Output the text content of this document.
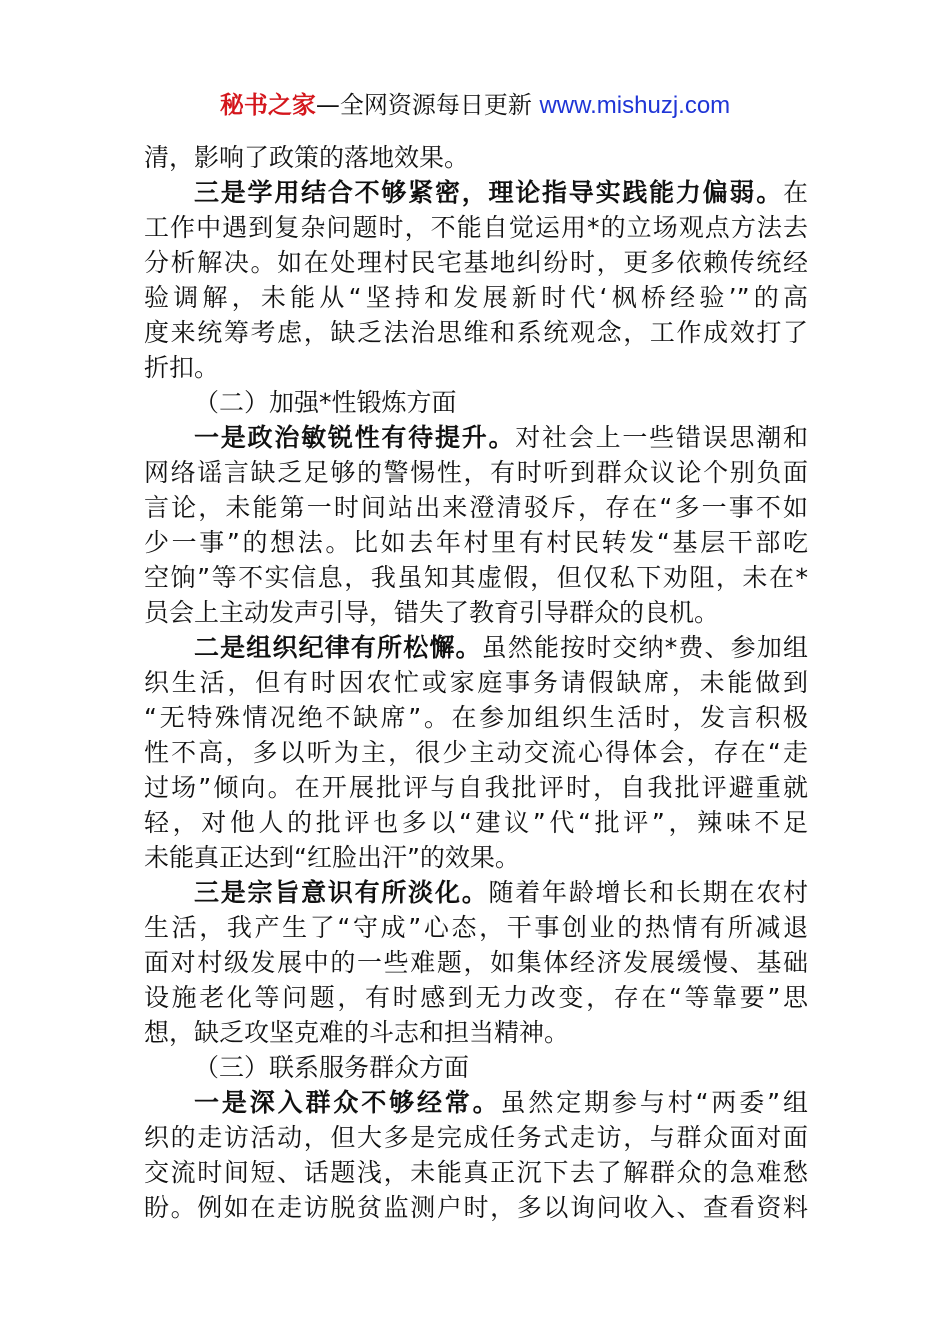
秘书之家—全网资源每日更新 www.mishuzj.com
清，影响了政策的落地效果。
三是学用结合不够紧密，理论指导实践能力偏弱。在
工作中遇到复杂问题时，不能自觉运用*的立场观点方法去
分析解决。如在处理村民宅基地纠纷时，更多依赖传统经
验调解，未能从“坚持和发展新时代‘枫桥经验’”的高
度来统筹考虑，缺乏法治思维和系统观念，工作成效打了
折扣。
（二）加强*性锻炼方面
一是政治敏锐性有待提升。对社会上一些错误思潮和
网络谣言缺乏足够的警惕性，有时听到群众议论个别负面
言论，未能第一时间站出来澄清驳斥，存在“多一事不如
少一事”的想法。比如去年村里有村民转发“基层干部吃
空饷”等不实信息，我虽知其虚假，但仅私下劝阻，未在*
员会上主动发声引导，错失了教育引导群众的良机。
二是组织纪律有所松懈。虽然能按时交纳*费、参加组
织生活，但有时因农忙或家庭事务请假缺席，未能做到
“无特殊情况绝不缺席”。在参加组织生活时，发言积极
性不高，多以听为主，很少主动交流心得体会，存在“走
过场”倾向。在开展批评与自我批评时，自我批评避重就
轻，对他人的批评也多以“建议”代“批评”，辣味不足
未能真正达到“红脸出汗”的效果。
三是宗旨意识有所淡化。随着年龄增长和长期在农村
生活，我产生了“守成”心态，干事创业的热情有所减退
面对村级发展中的一些难题，如集体经济发展缓慢、基础
设施老化等问题，有时感到无力改变，存在“等靠要”思
想，缺乏攻坚克难的斗志和担当精神。
（三）联系服务群众方面
一是深入群众不够经常。虽然定期参与村“两委”组
织的走访活动，但大多是完成任务式走访，与群众面对面
交流时间短、话题浅，未能真正沉下去了解群众的急难愁
盼。例如在走访脱贫监测户时，多以询问收入、查看资料
